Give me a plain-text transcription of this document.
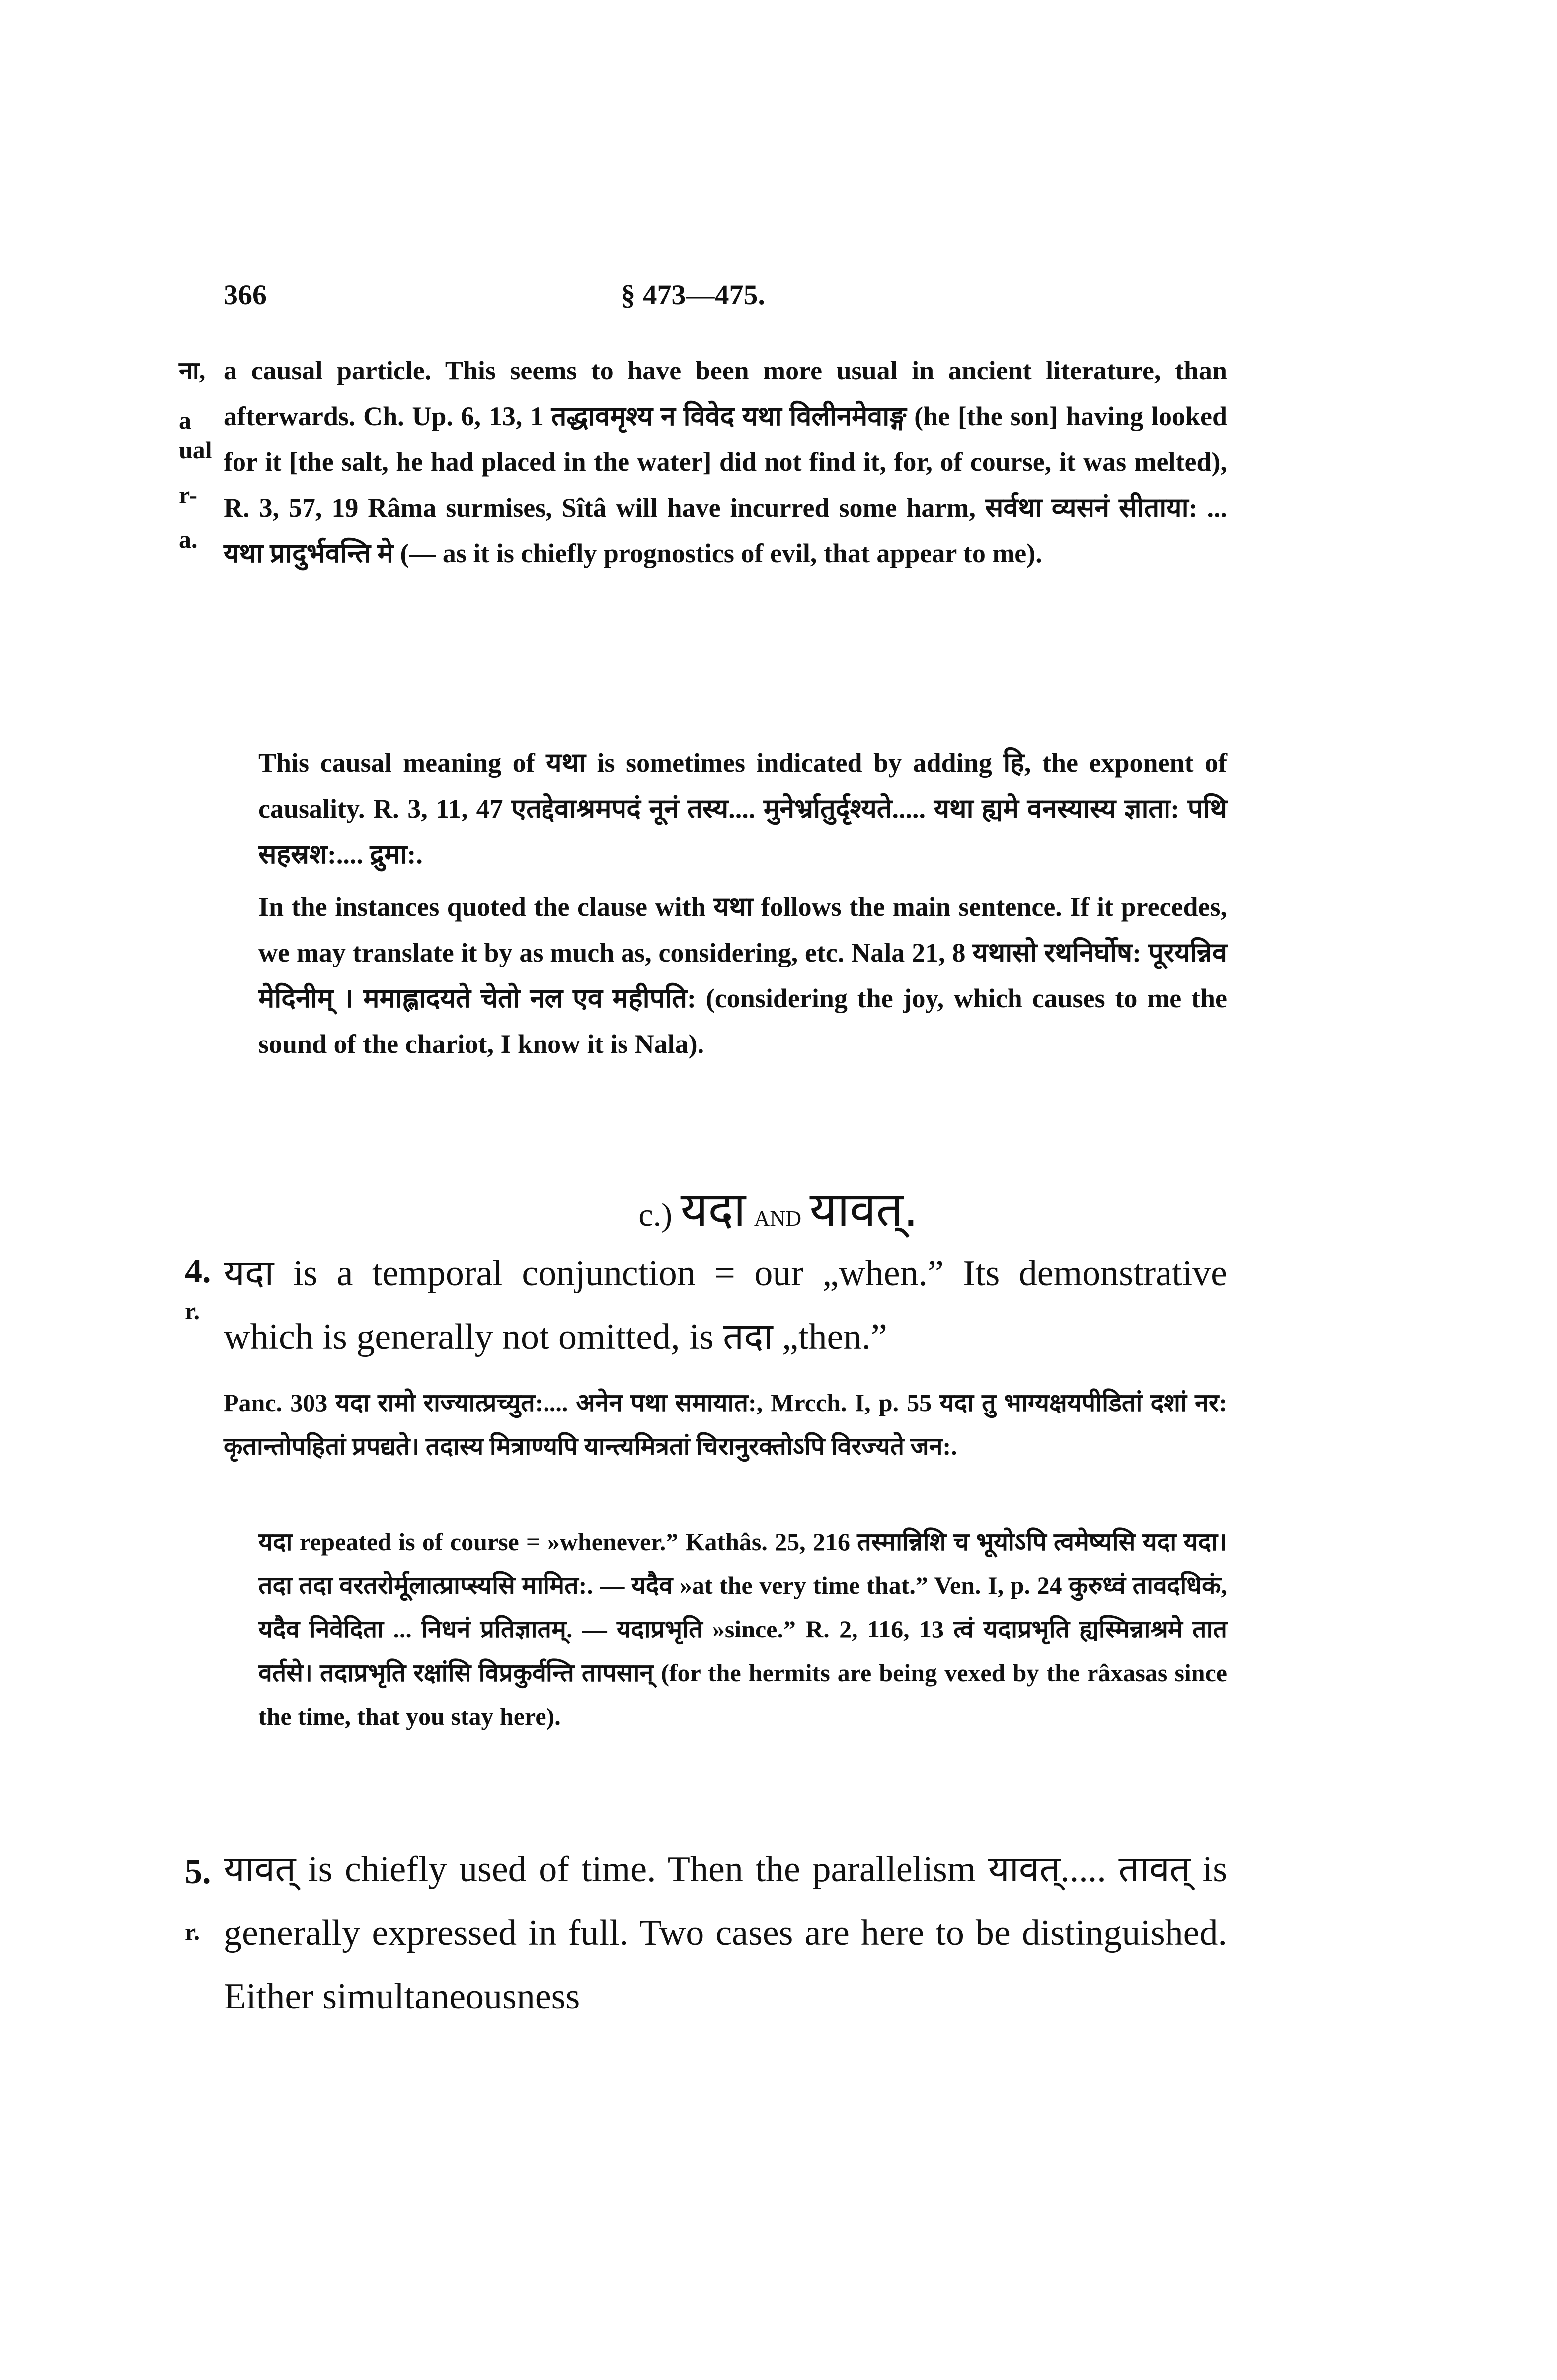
366	§ 473—475.
ना,
a
ual
r-
a.

a causal particle. This seems to have been more usual in ancient literature, than afterwards. Ch. Up. 6, 13, 1 तद्धावमृश्य न विवेद यथा विलीनमेवाङ्ग (he [the son] having looked for it [the salt, he had placed in the water] did not find it, for, of course, it was melted), R. 3, 57, 19 Râma surmises, Sîtâ will have incurred some harm, सर्वथा व्यसनं सीताया: ... यथा प्रादुर्भवन्ति मे (— as it is chiefly prognostics of evil, that appear to me).

This causal meaning of यथा is sometimes indicated by adding हि, the exponent of causality. R. 3, 11, 47 एतद्देवाश्रमपदं नूनं तस्य.... मुनेर्भ्रातुर्दृश्यते..... यथा ह्यमे वनस्यास्य ज्ञाता: पथि सहस्रश:.... द्रुमा:.

In the instances quoted the clause with यथा follows the main sentence. If it precedes, we may translate it by as much as, considering, etc. Nala 21, 8 यथासो रथनिर्घोष: पूरयन्निव मेदिनीम् । ममाह्लादयते चेतो नल एव महीपति: (considering the joy, which causes to me the sound of the chariot, I know it is Nala).

c.) यदा AND यावत्.
4.
r.

यदा is a temporal conjunction = our „when.” Its demonstrative which is generally not omitted, is तदा „then.”

Panc. 303 यदा रामो राज्यात्प्रच्युत:.... अनेन पथा समायात:, Mrcch. I, p. 55 यदा तु भाग्यक्षयपीडितां दशां नर: कृतान्तोपहितां प्रपद्यते। तदास्य मित्राण्यपि यान्त्यमित्रतां चिरानुरक्तोऽपि विरज्यते जन:.

यदा repeated is of course = »whenever.” Kathâs. 25, 216 तस्मान्निशि च भूयोऽपि त्वमेष्यसि यदा यदा। तदा तदा वरतरोर्मूलात्प्राप्स्यसि मामित:. — यदैव »at the very time that.” Ven. I, p. 24 कुरुध्वं तावदधिकं, यदैव निवेदिता ... निधनं प्रतिज्ञातम्. — यदाप्रभृति »since.” R. 2, 116, 13 त्वं यदाप्रभृति ह्यस्मिन्नाश्रमे तात वर्तसे। तदाप्रभृति रक्षांसि विप्रकुर्वन्ति तापसान् (for the hermits are being vexed by the râxasas since the time, that you stay here).

5.
r.

यावत् is chiefly used of time. Then the parallelism यावत्..... तावत् is generally expressed in full. Two cases are here to be distinguished. Either simultaneousness
